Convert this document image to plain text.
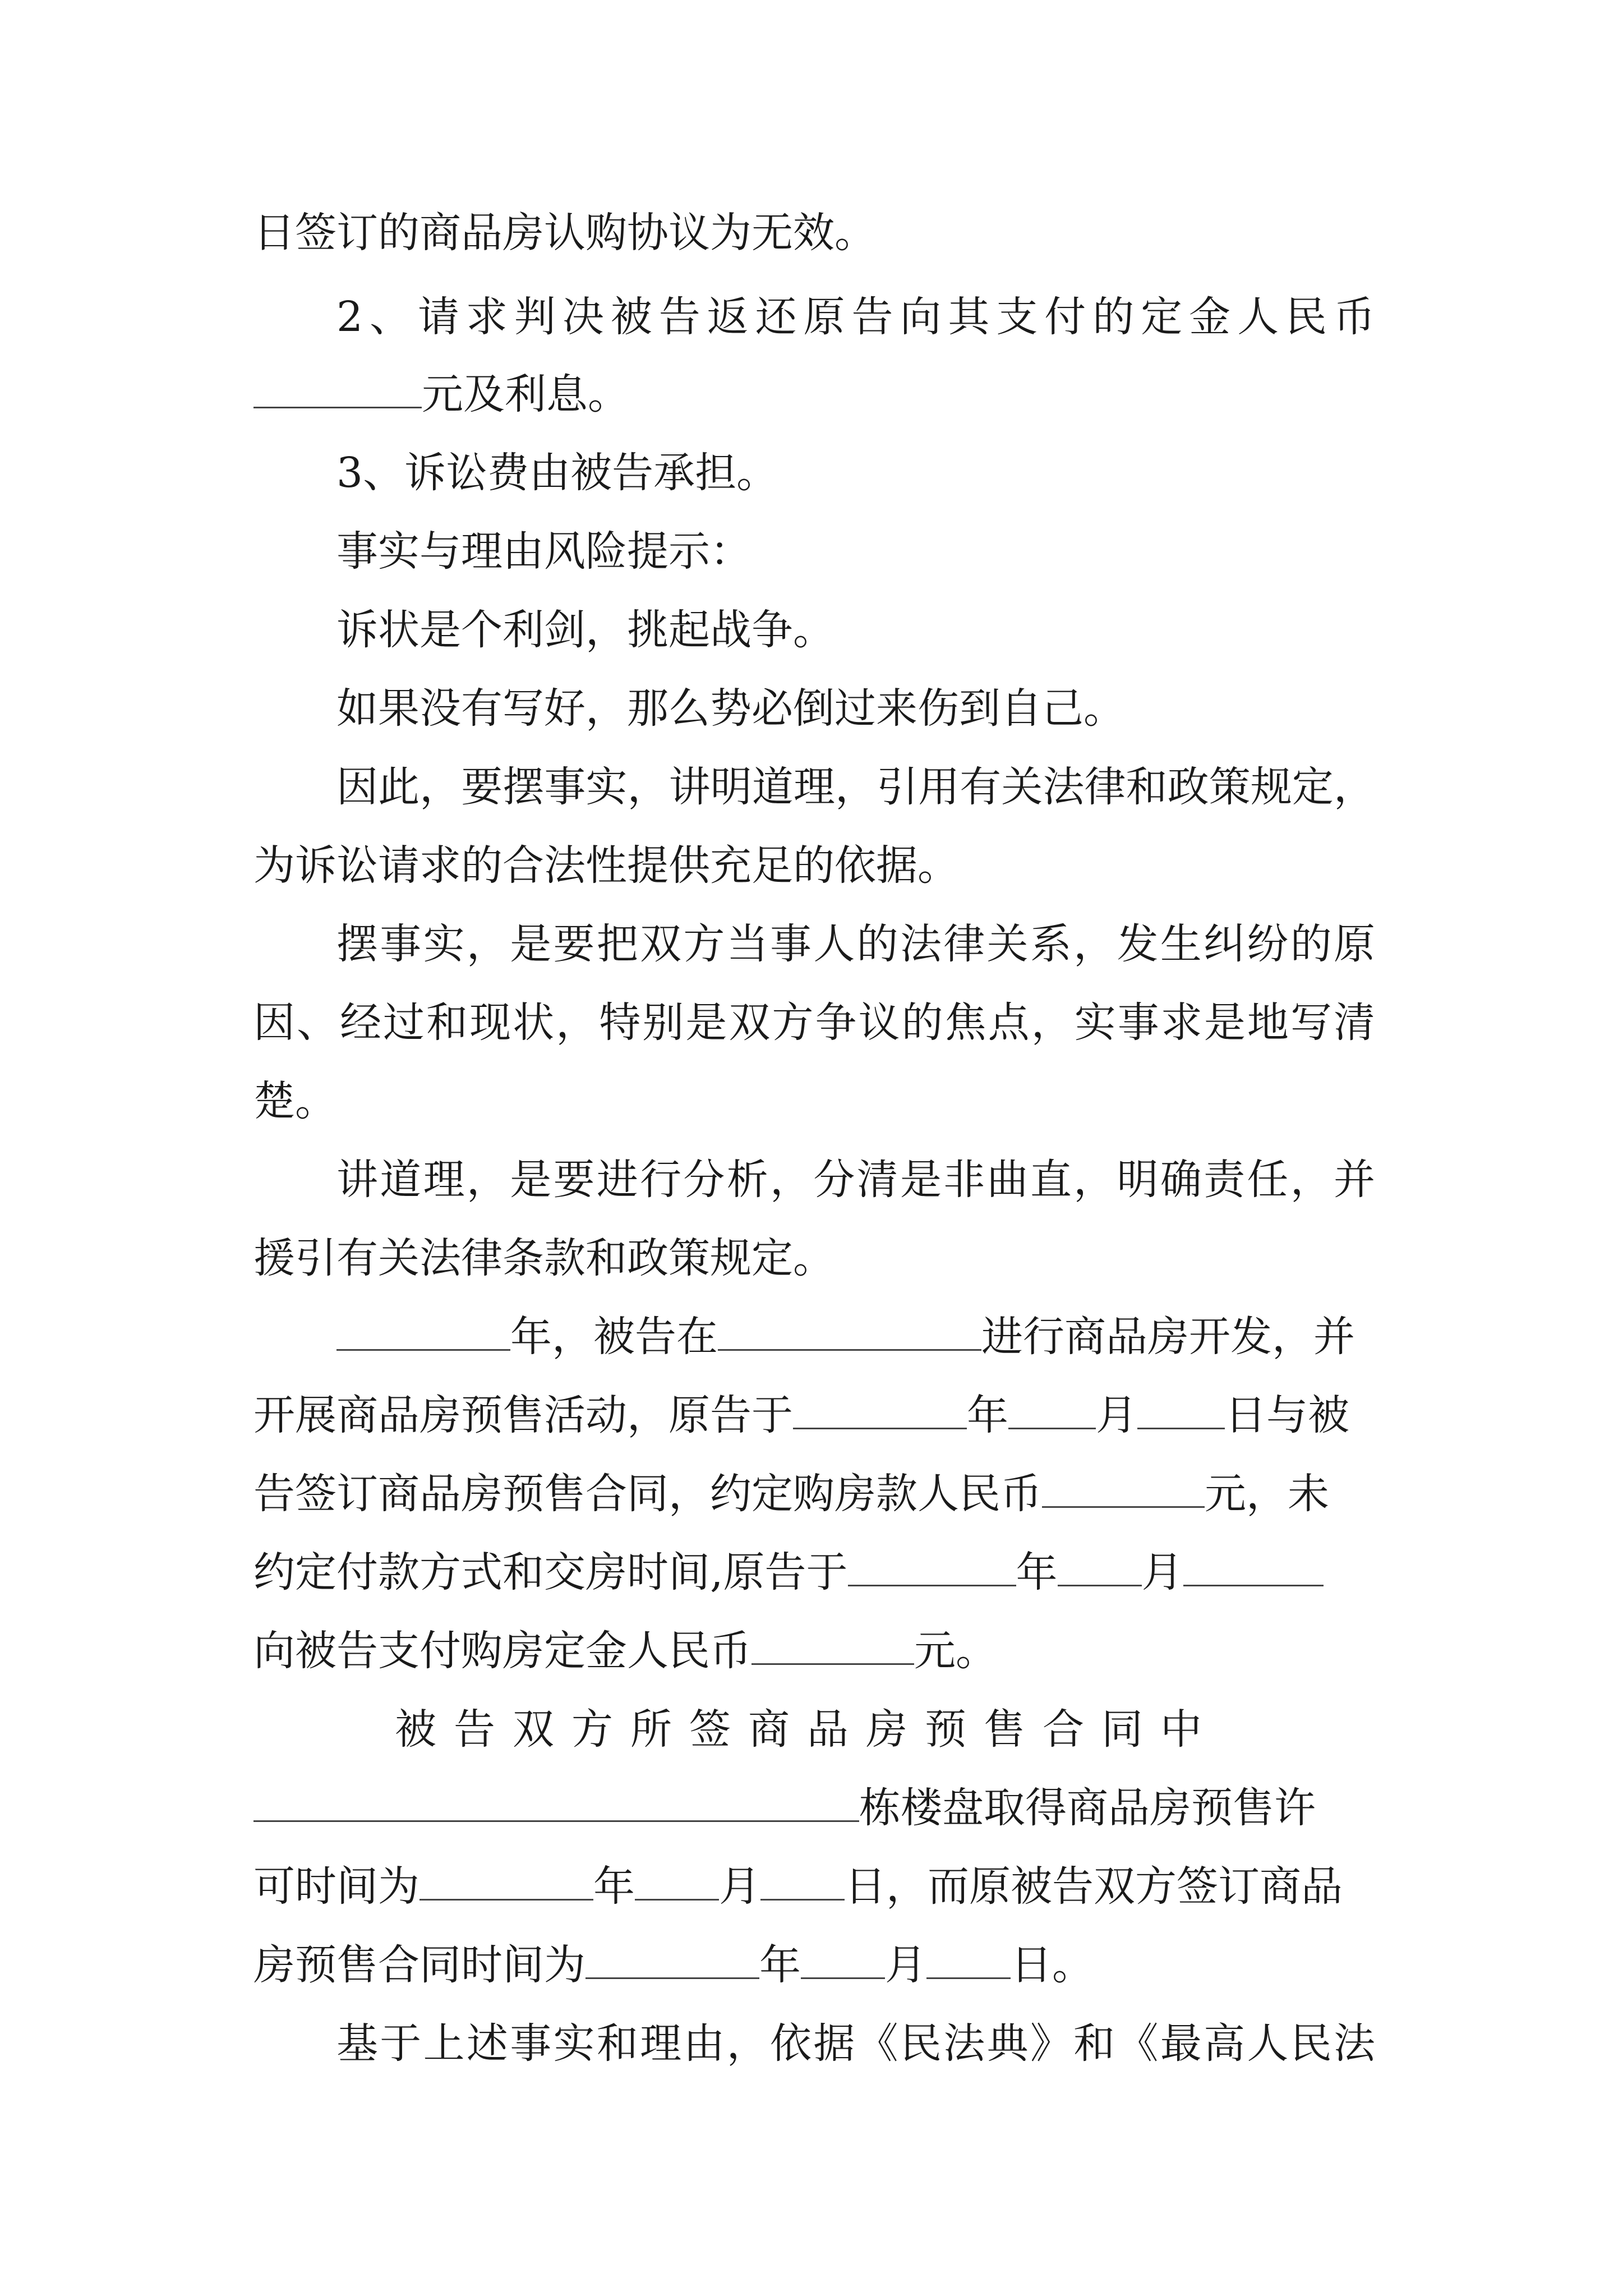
日签订的商品房认购协议为无效。
2、请求判决被告返还原告向其支付的定金人民币
元及利息。
3、诉讼费由被告承担。
事实与理由风险提示：
诉状是个利剑，挑起战争。
如果没有写好，那么势必倒过来伤到自己。
因此，要摆事实，讲明道理，引用有关法律和政策规定，
为诉讼请求的合法性提供充足的依据。
摆事实，是要把双方当事人的法律关系，发生纠纷的原
因、经过和现状，特别是双方争议的焦点，实事求是地写清
楚。
讲道理，是要进行分析，分清是非曲直，明确责任，并
援引有关法律条款和政策规定。
年，被告在	进行商品房开发，并
开展商品房预售活动，原告于	年 月 日与被
告签订商品房预售合同，约定购房款人民币	元，未
约定付款方式和交房时间,原告于	年 月
向被告支付购房定金人民币	元。
被告双方所签商品房预售合同中
栋楼盘取得商品房预售许
可时间为	年 月 日，而原被告双方签订商品
房预售合同时间为	年 月 日。
基于上述事实和理由，依据《民法典》和《最高人民法
